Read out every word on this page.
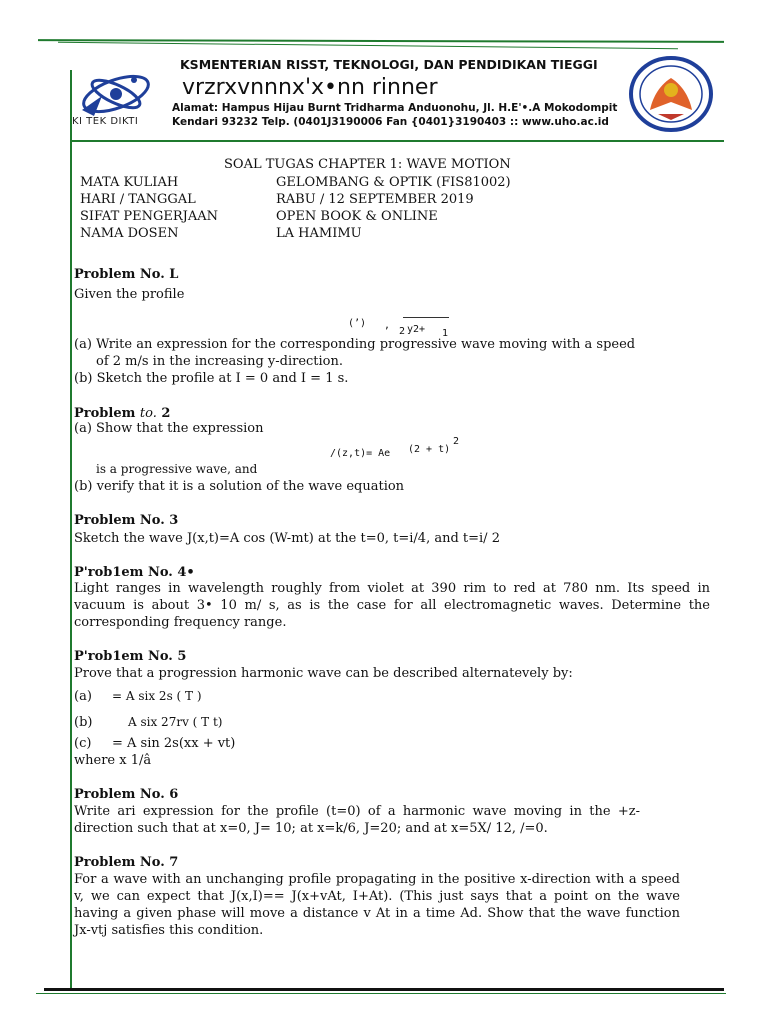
KI TEK DIKTI
KSMENTERIAN RISST, TEKNOLOGI, DAN PENDIDIKAN TIEGGI
vrzrxvnnnx'x•nn rinner
Alamat: Hampus Hijau Burnt Tridharma Anduonohu, Jl. H.E'•.A Mokodompit
Kendari 93232 Telp. (0401J3190006 Fan {0401}3190403 :: www.uho.ac.id
SOAL TUGAS CHAPTER 1: WAVE MOTION
MATA KULIAH	GELOMBANG & OPTIK (FIS81002)
HARI / TANGGAL	RABU / 12 SEPTEMBER 2019
SIFAT PENGERJAAN	OPEN BOOK & ONLINE
NAMA DOSEN	LA HAMIMU
Problem No. L
Given the profile
(’) ,
2 y2+ 1
(a) Write an expression for the corresponding progressive wave moving with a speed
of 2 m/s in the increasing y-direction.
(b) Sketch the profile at I = 0 and I = 1 s.
Problem to. 2
(a) Show that the expression
/(z,t)= Ae (2 + t)
2
is a progressive wave, and
(b) verify that it is a solution of the wave equation
Problem No. 3
Sketch the wave J(x,t)=A cos (W-mt) at the t=0, t=i/4, and t=i/ 2
P'rob1em No. 4•
Light ranges in wavelength roughly from violet at 390 rim to red at 780 nm. Its speed in vacuum is about 3• 10 m/ s, as is the case for all electromagnetic waves. Determine the corresponding frequency range.
P'rob1em No. 5
Prove that a progression harmonic wave can be described alternatevely by:
(a) = A six 2s ( T )
(b)	A six 27rv ( T t)
(c) = A sin 2s(xx + vt)
where x 1/â
Problem No. 6
Write ari expression for the profile (t=0) of a harmonic wave moving in the +z-direction such that at x=0, J= 10; at x=k/6, J=20; and at x=5X/ 12, /=0.
Problem No. 7
For a wave with an unchanging profile propagating in the positive x-direction with a speed v, we can expect that J(x,I)== J(x+vAt, I+At). (This just says that a point on the wave having a given phase will move a distance v At in a time Ad. Show that the wave function Jx-vtj satisfies this condition.
